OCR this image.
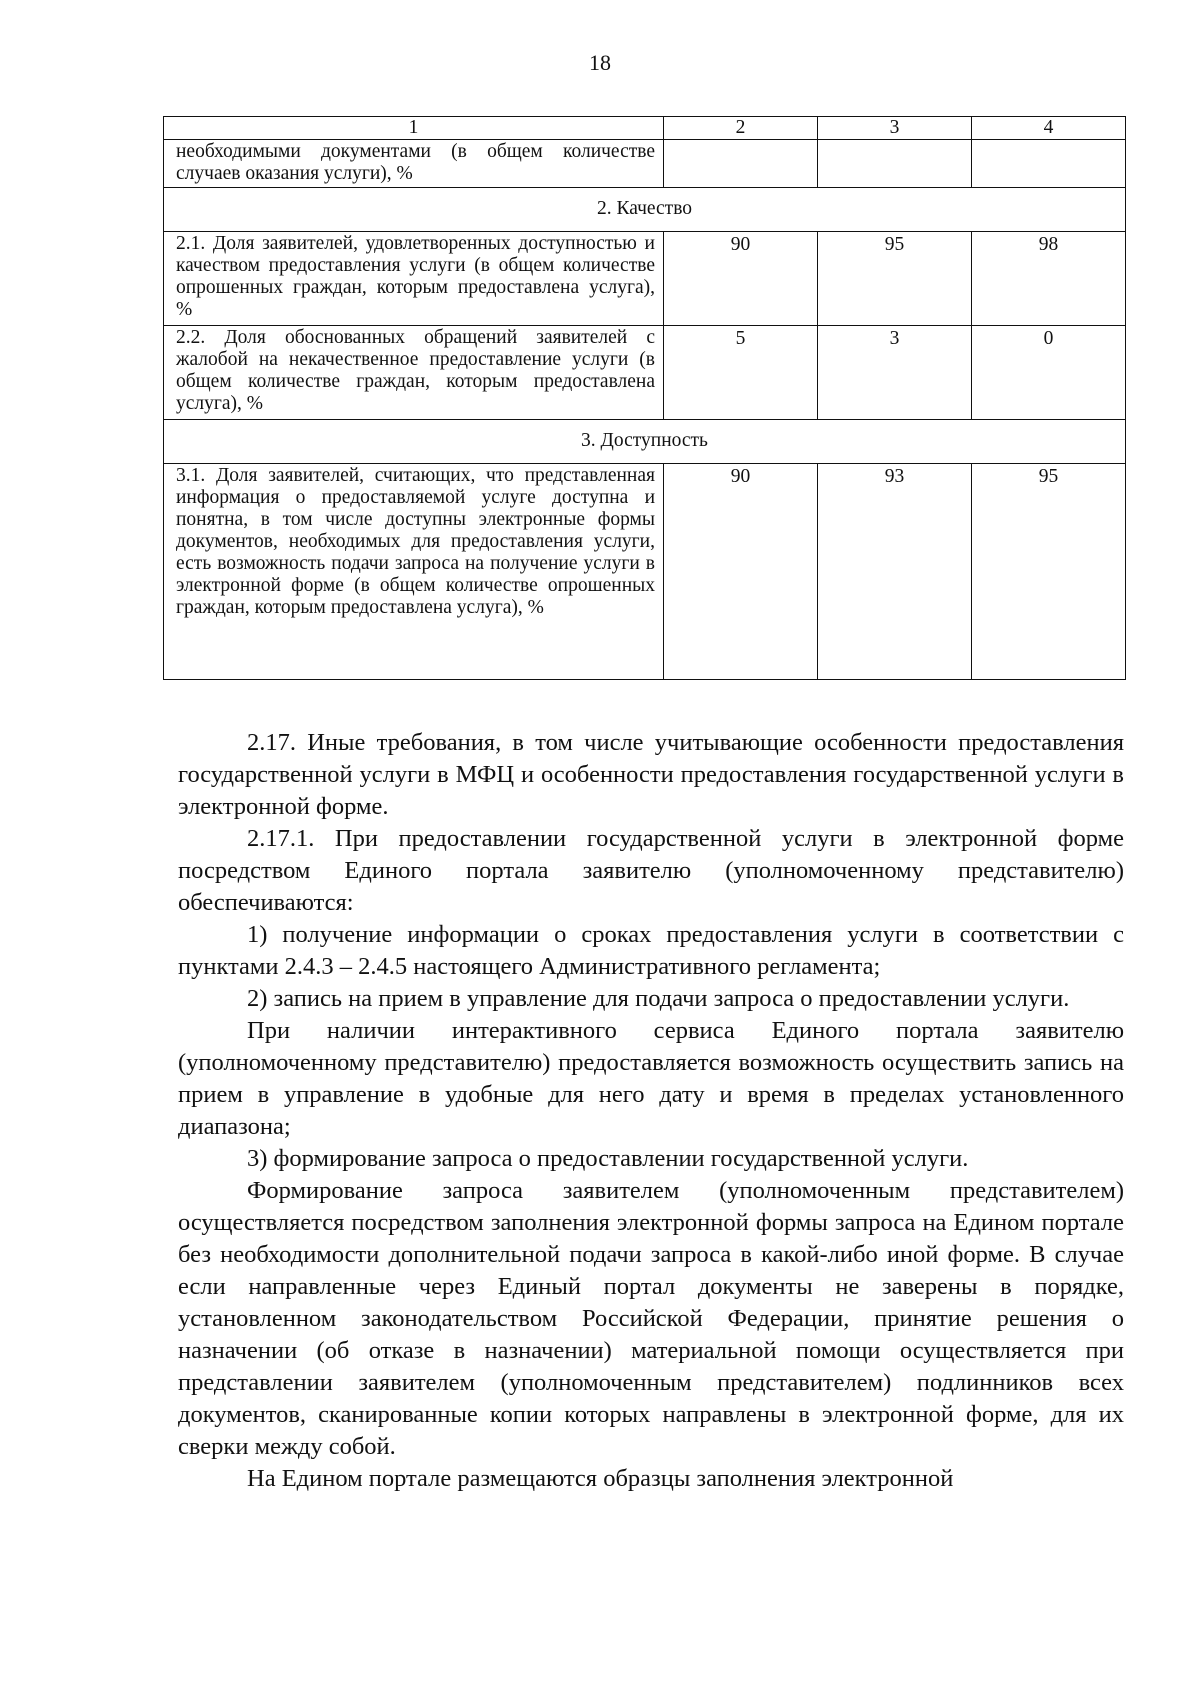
18
1	2	3	4
необходимыми документами (в общем количестве случаев оказания услуги), %			
2. Качество			
2.1. Доля заявителей, удовлетворенных доступностью и качеством предоставления услуги (в общем количестве опрошенных граждан, которым предоставлена услуга), %	90	95	98
2.2. Доля обоснованных обращений заявителей с жалобой на некачественное предоставление услуги (в общем количестве граждан, которым предоставлена услуга), %	5	3	0
3. Доступность			
3.1. Доля заявителей, считающих, что представленная информация о предоставляемой услуге доступна и понятна, в том числе доступны электронные формы документов, необходимых для предоставления услуги, есть возможность подачи запроса на получение услуги в электронной форме (в общем количестве опрошенных граждан, которым предоставлена услуга), %	90	93	95

2.17. Иные требования, в том числе учитывающие особенности предоставления государственной услуги в МФЦ и особенности предоставления государственной услуги в электронной форме.

2.17.1. При предоставлении государственной услуги в электронной форме посредством Единого портала заявителю (уполномоченному представителю) обеспечиваются:

1) получение информации о сроках предоставления услуги в соответствии с пунктами 2.4.3 – 2.4.5 настоящего Административного регламента;

2) запись на прием в управление для подачи запроса о предоставлении услуги.

При наличии интерактивного сервиса Единого портала заявителю (уполномоченному представителю) предоставляется возможность осуществить запись на прием в управление в удобные для него дату и время в пределах установленного диапазона;

3) формирование запроса о предоставлении государственной услуги.

Формирование запроса заявителем (уполномоченным представителем) осуществляется посредством заполнения электронной формы запроса на Едином портале без необходимости дополнительной подачи запроса в какой-либо иной форме. В случае если направленные через Единый портал документы не заверены в порядке, установленном законодательством Российской Федерации, принятие решения о назначении (об отказе в назначении) материальной помощи осуществляется при представлении заявителем (уполномоченным представителем) подлинников всех документов, сканированные копии которых направлены в электронной форме, для их сверки между собой.

На Едином портале размещаются образцы заполнения электронной
